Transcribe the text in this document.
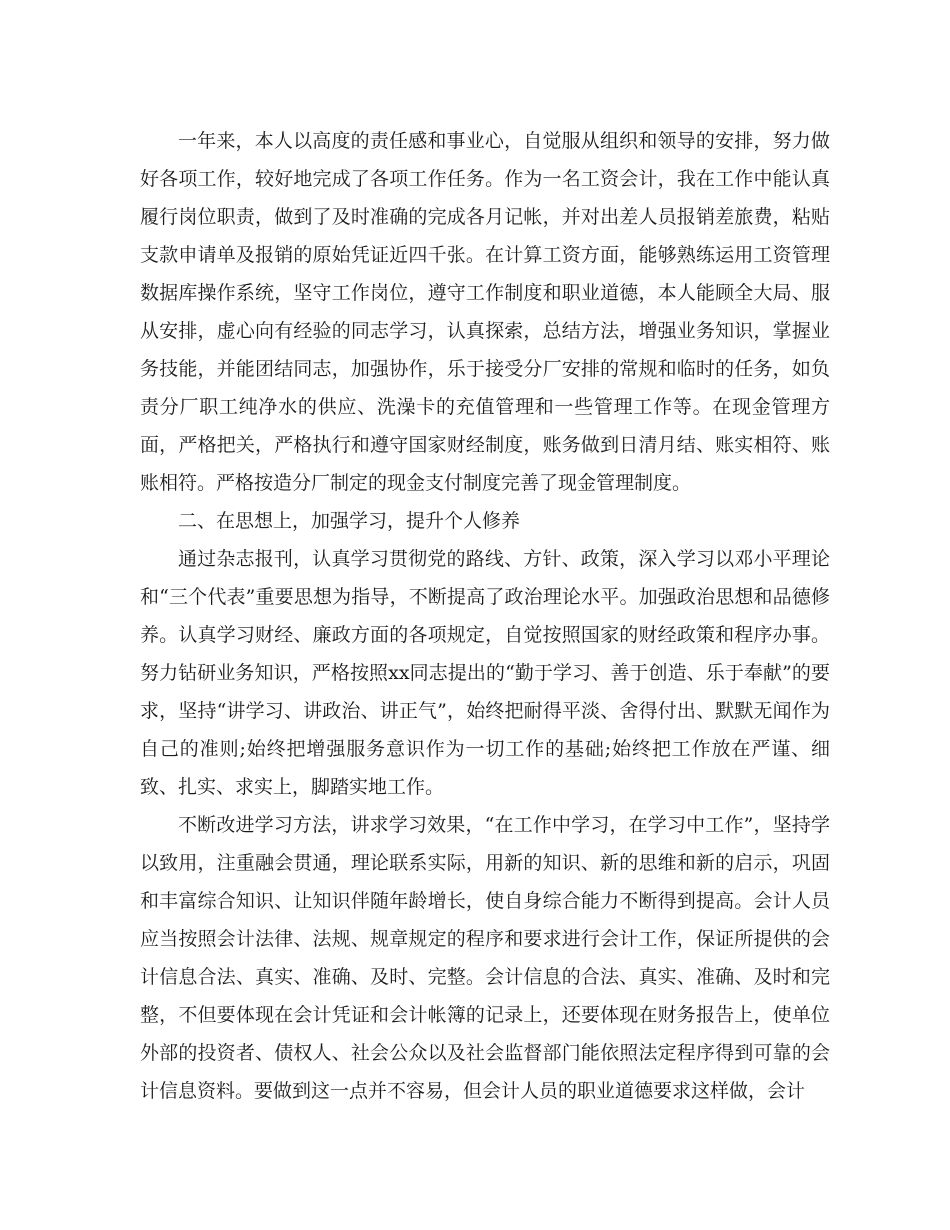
一年来，本人以高度的责任感和事业心，自觉服从组织和领导的安排，努力做好各项工作，较好地完成了各项工作任务。作为一名工资会计，我在工作中能认真履行岗位职责，做到了及时准确的完成各月记帐，并对出差人员报销差旅费，粘贴支款申请单及报销的原始凭证近四千张。在计算工资方面，能够熟练运用工资管理数据库操作系统，坚守工作岗位，遵守工作制度和职业道德，本人能顾全大局、服从安排，虚心向有经验的同志学习，认真探索，总结方法，增强业务知识，掌握业务技能，并能团结同志，加强协作，乐于接受分厂安排的常规和临时的任务，如负责分厂职工纯净水的供应、洗澡卡的充值管理和一些管理工作等。在现金管理方面，严格把关，严格执行和遵守国家财经制度，账务做到日清月结、账实相符、账账相符。严格按造分厂制定的现金支付制度完善了现金管理制度。

二、在思想上，加强学习，提升个人修养

通过杂志报刊，认真学习贯彻党的路线、方针、政策，深入学习以邓小平理论和“三个代表”重要思想为指导，不断提高了政治理论水平。加强政治思想和品德修养。认真学习财经、廉政方面的各项规定，自觉按照国家的财经政策和程序办事。努力钻研业务知识，严格按照xx同志提出的“勤于学习、善于创造、乐于奉献”的要求，坚持“讲学习、讲政治、讲正气”，始终把耐得平淡、舍得付出、默默无闻作为自己的准则;始终把增强服务意识作为一切工作的基础;始终把工作放在严谨、细致、扎实、求实上，脚踏实地工作。

不断改进学习方法，讲求学习效果，“在工作中学习，在学习中工作”，坚持学以致用，注重融会贯通，理论联系实际，用新的知识、新的思维和新的启示，巩固和丰富综合知识、让知识伴随年龄增长，使自身综合能力不断得到提高。会计人员应当按照会计法律、法规、规章规定的程序和要求进行会计工作，保证所提供的会计信息合法、真实、准确、及时、完整。会计信息的合法、真实、准确、及时和完整，不但要体现在会计凭证和会计帐簿的记录上，还要体现在财务报告上，使单位外部的投资者、债权人、社会公众以及社会监督部门能依照法定程序得到可靠的会计信息资料。要做到这一点并不容易，但会计人员的职业道德要求这样做，会计
